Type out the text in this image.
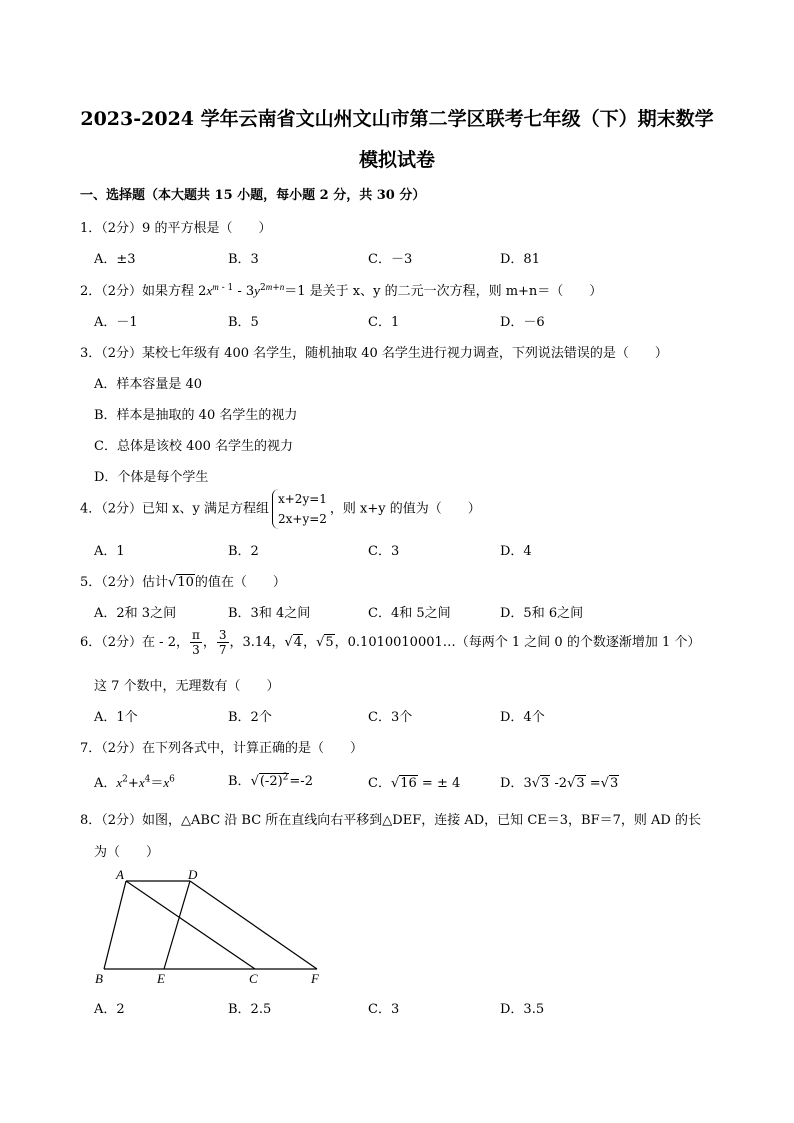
2023-2024 学年云南省文山州文山市第二学区联考七年级（下）期末数学
模拟试卷
一、选择题（本大题共 15 小题，每小题 2 分，共 30 分）
1．（2分）9 的平方根是（　　）
A．±3	B．3	C．－3	D．81
2．（2分）如果方程 $2x^{m - 1} - 3y^{2m+n}=1$ 是关于 x、y 的二元一次方程，则 m+n＝（　　）
A．－1	B．5	C．1	D．－6
3．（2分）某校七年级有 400 名学生，随机抽取 40 名学生进行视力调查，下列说法错误的是（　　）
A．样本容量是 40
B．样本是抽取的 40 名学生的视力
C．总体是该校 400 名学生的视力
D．个体是每个学生
4．（2分）已知 x、y 满足方程组
x+2y=1
2x+y=2
，则 x+y 的值为（　　）
A．1	B．2	C．3	D．4
5．（2分）估计√10的值在（　　）
A．2和 3之间	B．3和 4之间	C．4和 5之间	D．5和 6之间
6．（2分）在 - 2， $\frac{\pi}{3}$ ， $\frac{3}{7}$ ，3.14，√4，√5，0.1010010001…（每两个 1 之间 0 的个数逐渐增加 1 个）
这 7 个数中，无理数有（　　）
A．1个	B．2个	C．3个	D．4个
7．（2分）在下列各式中，计算正确的是（　　）
A．$x^2+x^4=x^6$	B．$√(-2)^2=-2$	C．√16 = ± 4	D．3√3 -2√3 =√3
8．（2分）如图，△ABC 沿 BC 所在直线向右平移到△DEF，连接 AD，已知 CE＝3，BF＝7，则 AD 的长
为（　　）
A	D
B	E	C	F
A．2	B．2.5	C．3	D．3.5
